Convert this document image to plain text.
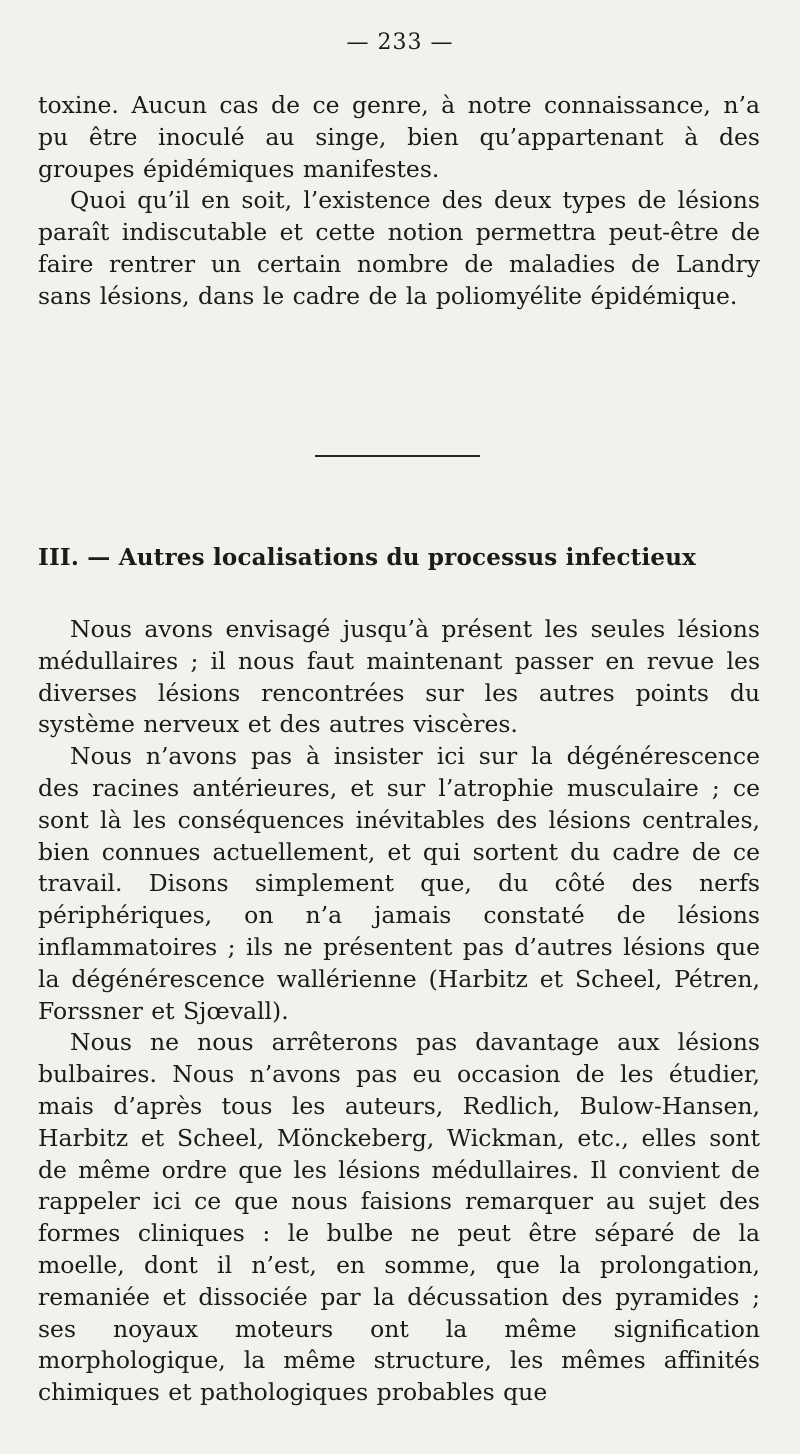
— 233 —

toxine. Aucun cas de ce genre, à notre connaissance, n’a pu être inoculé au singe, bien qu’appartenant à des groupes épidémiques manifestes.

Quoi qu’il en soit, l’existence des deux types de lésions paraît indiscutable et cette notion permettra peut-être de faire rentrer un certain nombre de maladies de Landry sans lésions, dans le cadre de la poliomyélite épidémique.

III. — Autres localisations du processus infectieux

Nous avons envisagé jusqu’à présent les seules lésions médullaires ; il nous faut maintenant passer en revue les diverses lésions rencontrées sur les autres points du système nerveux et des autres viscères.

Nous n’avons pas à insister ici sur la dégénérescence des racines antérieures, et sur l’atrophie musculaire ; ce sont là les conséquences inévitables des lésions centrales, bien connues actuellement, et qui sortent du cadre de ce travail. Disons simplement que, du côté des nerfs périphériques, on n’a jamais constaté de lésions inflammatoires ; ils ne présentent pas d’autres lésions que la dégénérescence wallérienne (Harbitz et Scheel, Pétren, Forssner et Sjœvall).

Nous ne nous arrêterons pas davantage aux lésions bulbaires. Nous n’avons pas eu occasion de les étudier, mais d’après tous les auteurs, Redlich, Bulow-Hansen, Harbitz et Scheel, Mönckeberg, Wickman, etc., elles sont de même ordre que les lésions médullaires. Il convient de rappeler ici ce que nous faisions remarquer au sujet des formes cliniques : le bulbe ne peut être séparé de la moelle, dont il n’est, en somme, que la prolongation, remaniée et dissociée par la décussation des pyramides ; ses noyaux moteurs ont la même signification morphologique, la même structure, les mêmes affinités chimiques et pathologiques probables que
